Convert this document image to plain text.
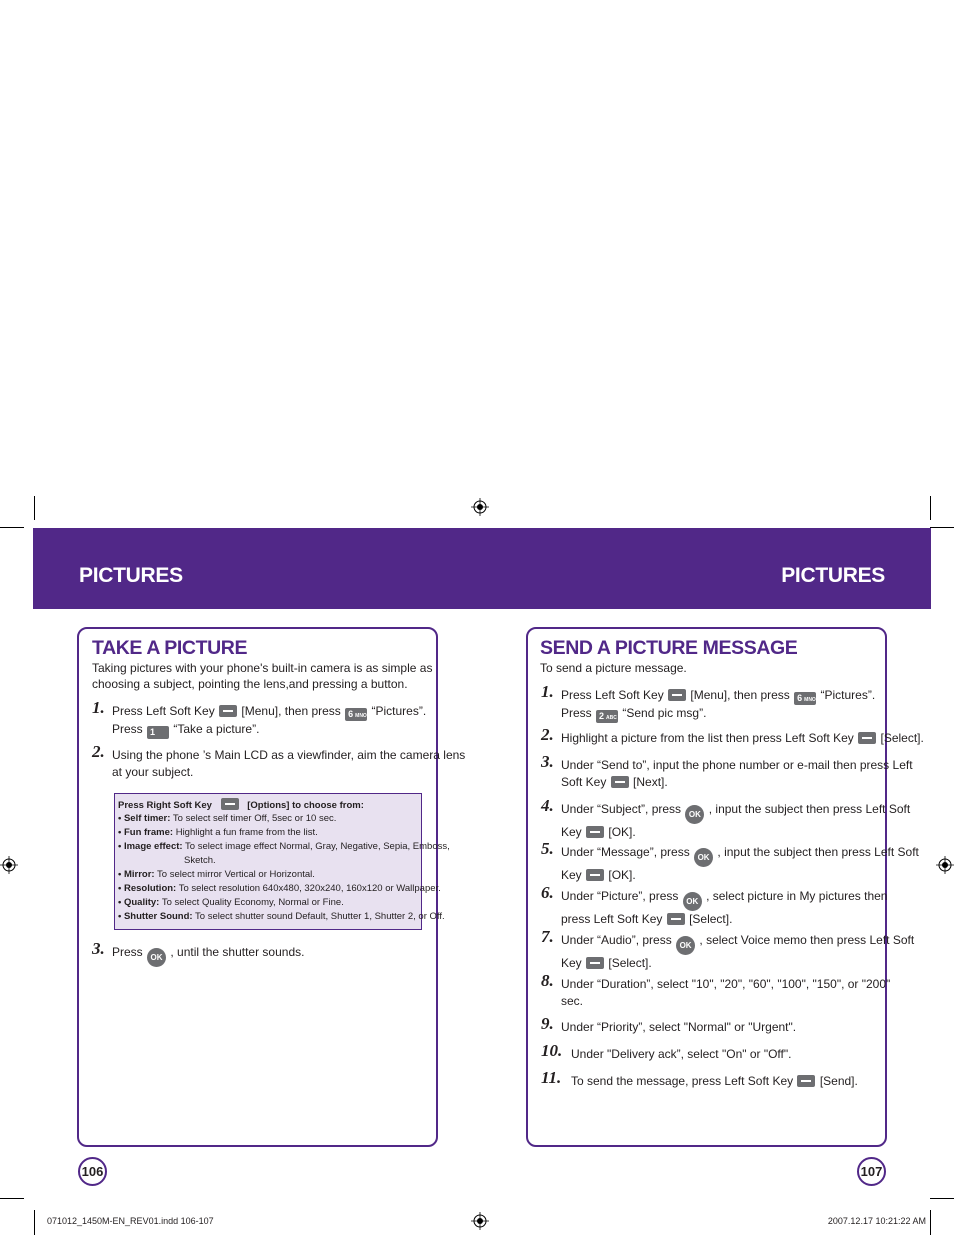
PICTURES	PICTURES
TAKE A PICTURE
Taking pictures with your phone's built-in camera is as simple as
choosing a subject, pointing the lens,and pressing a button.
1. Press Left Soft Key [Menu], then press 6 MNO “Pictures”.
Press 1 “Take a picture”.
2. Using the phone ’s Main LCD as a viewfinder, aim the camera lens
at your subject.
Press Right Soft Key	[Options] to choose from:
• Self timer: To select self timer Off, 5sec or 10 sec.
• Fun frame: Highlight a fun frame from the list.
• Image effect: To select image effect Normal, Gray, Negative, Sepia, Emboss,
Sketch.
• Mirror: To select mirror Vertical or Horizontal.
• Resolution: To select resolution 640x480, 320x240, 160x120 or Wallpaper.
• Quality: To select Quality Economy, Normal or Fine.
• Shutter Sound: To select shutter sound Default, Shutter 1, Shutter 2, or Off.
3. Press OK , until the shutter sounds.
SEND A PICTURE MESSAGE
To send a picture message.
1. Press Left Soft Key [Menu], then press 6 MNO “Pictures”.
Press 2 ABC “Send pic msg”.
2. Highlight a picture from the list then press Left Soft Key [Select].
3. Under “Send to”, input the phone number or e-mail then press Left
Soft Key [Next].
4. Under “Subject”, press OK , input the subject then press Left Soft
Key [OK].
5. Under “Message”, press OK , input the subject then press Left Soft
Key [OK].
6. Under “Picture”, press OK , select picture in My pictures then
press Left Soft Key [Select].
7. Under “Audio”, press OK , select Voice memo then press Left Soft
Key [Select].
8. Under “Duration”, select "10", "20", "60", "100", "150", or "200"
sec.
9. Under “Priority”, select "Normal" or "Urgent".
10. Under "Delivery ack”, select "On" or "Off".
11. To send the message, press Left Soft Key [Send].
106	107
071012_1450M-EN_REV01.indd 106-107	2007.12.17 10:21:22 AM
